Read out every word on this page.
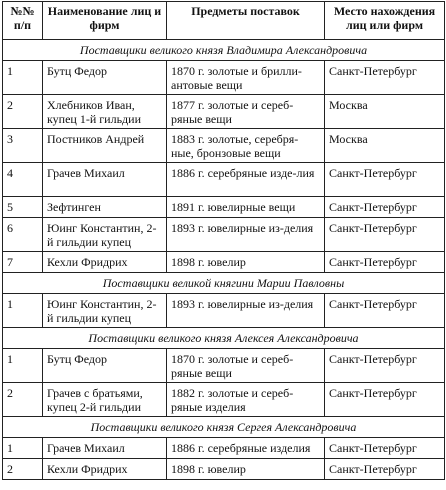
№№ п/п	Наименование лиц и фирм	Предметы поставок	Место нахождения лиц или фирм
Поставщики великого князя Владимира Александровича			
1	Бутц Федор	1870 г. золотые и брилли-антовые вещи	Санкт-Петербург
2	Хлебников Иван, купец 1-й гильдии	1877 г. золотые и сереб-ряные вещи	Москва
3	Постников Андрей	1883 г. золотые, серебря-ные, бронзовые вещи	Москва
4	Грачев Михаил	1886 г. серебряные изде-лия	Санкт-Петербург
5	Зефтинген	1891 г. ювелирные вещи	Санкт-Петербург
6	Юинг Константин, 2-й гильдии купец	1893 г. ювелирные из-делия	Санкт-Петербург
7	Кехли Фридрих	1898 г. ювелир	Санкт-Петербург
Поставщики великой княгини Марии Павловны			
1	Юинг Константин, 2-й гильдии купец	1893 г. ювелирные из-делия	Санкт-Петербург
Поставщики великого князя Алексея Александровича			
1	Бутц Федор	1870 г. золотые и сереб-ряные вещи	Санкт-Петербург
2	Грачев с братьями, купец 2-й гильдии	1882 г. золотые и сереб-ряные изделия	Санкт-Петербург
Поставщики великого князя Сергея Александровича			
1	Грачев Михаил	1886 г. серебряные изделия	Санкт-Петербург
2	Кехли Фридрих	1898 г. ювелир	Санкт-Петербург
